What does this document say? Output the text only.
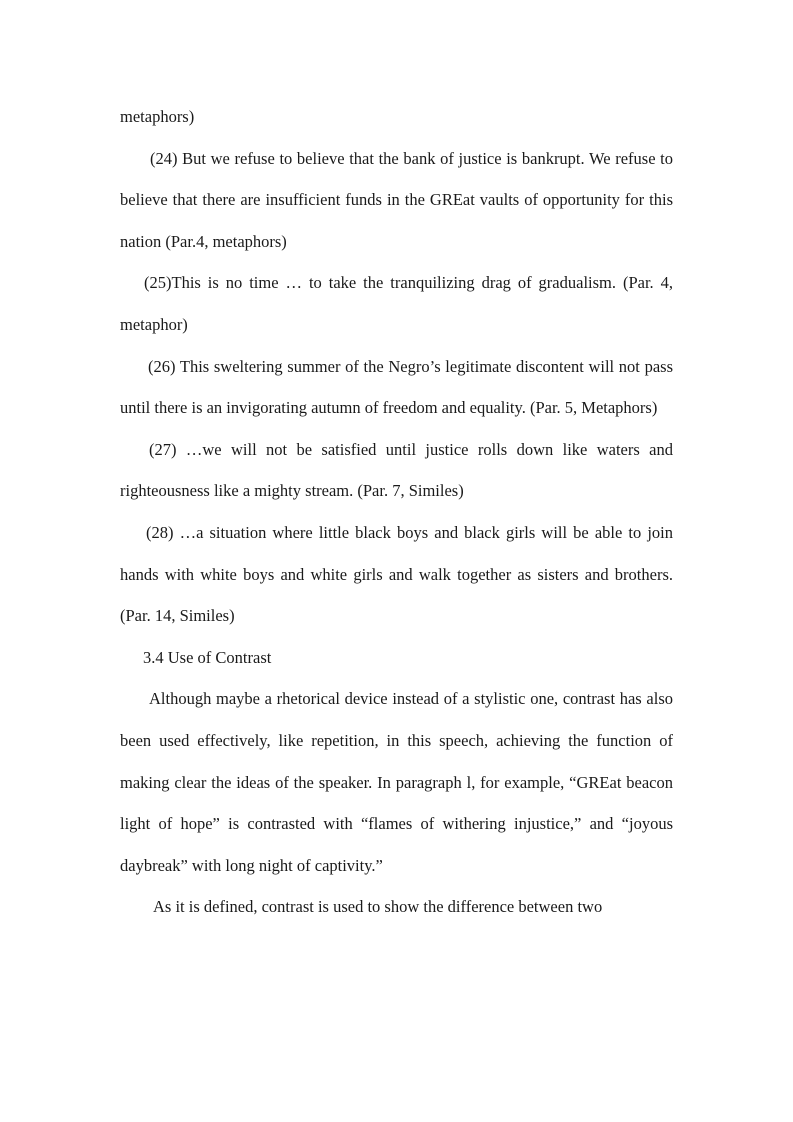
metaphors)

(24) But we refuse to believe that the bank of justice is bankrupt. We refuse to believe that there are insufficient funds in the GREat vaults of opportunity for this nation (Par.4, metaphors)

(25)This is no time … to take the tranquilizing drag of gradualism. (Par. 4, metaphor)

(26) This sweltering summer of the Negro’s legitimate discontent will not pass until there is an invigorating autumn of freedom and equality. (Par. 5, Metaphors)

(27) …we will not be satisfied until justice rolls down like waters and righteousness like a mighty stream. (Par. 7, Similes)

(28) …a situation where little black boys and black girls will be able to join hands with white boys and white girls and walk together as sisters and brothers. (Par. 14, Similes)

3.4 Use of Contrast

Although maybe a rhetorical device instead of a stylistic one, contrast has also been used effectively, like repetition, in this speech, achieving the function of making clear the ideas of the speaker. In paragraph l, for example, “GREat beacon light of hope” is contrasted with “flames of withering injustice,” and “joyous daybreak” with long night of captivity.”

As it is defined, contrast is used to show the difference between two
